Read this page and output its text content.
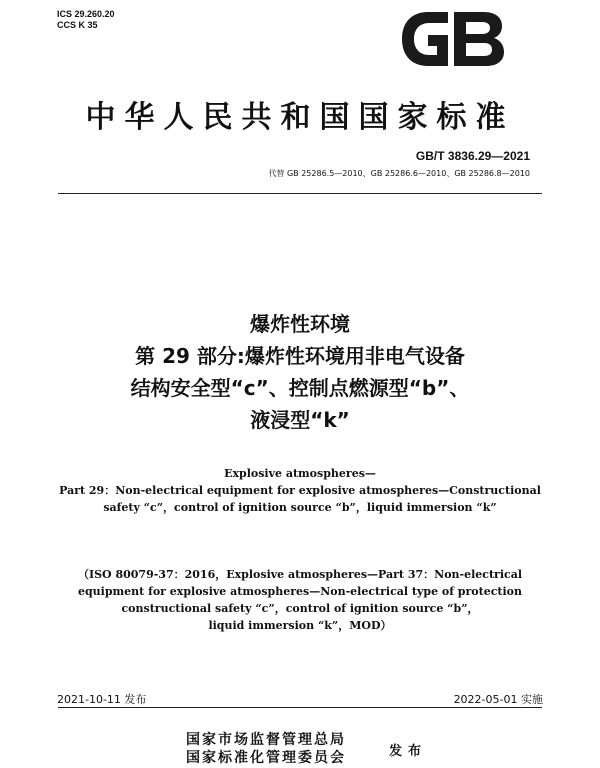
ICS 29.260.20
CCS K 35
GB
中华人民共和国国家标准
GB/T 3836.29—2021
代替 GB 25286.5—2010、GB 25286.6—2010、GB 25286.8—2010
爆炸性环境
第 29 部分:爆炸性环境用非电气设备
结构安全型“c”、控制点燃源型“b”、
液浸型“k”
Explosive atmospheres—
Part 29：Non-electrical equipment for explosive atmospheres—Constructional
safety “c”，control of ignition source “b”，liquid immersion “k”
（ISO 80079-37：2016，Explosive atmospheres—Part 37：Non-electrical
equipment for explosive atmospheres—Non-electrical type of protection
constructional safety “c”，control of ignition source “b”，
liquid immersion “k”，MOD）
2021-10-11 发布	2022-05-01 实施
国家市场监督管理总局
国家标准化管理委员会	发布
